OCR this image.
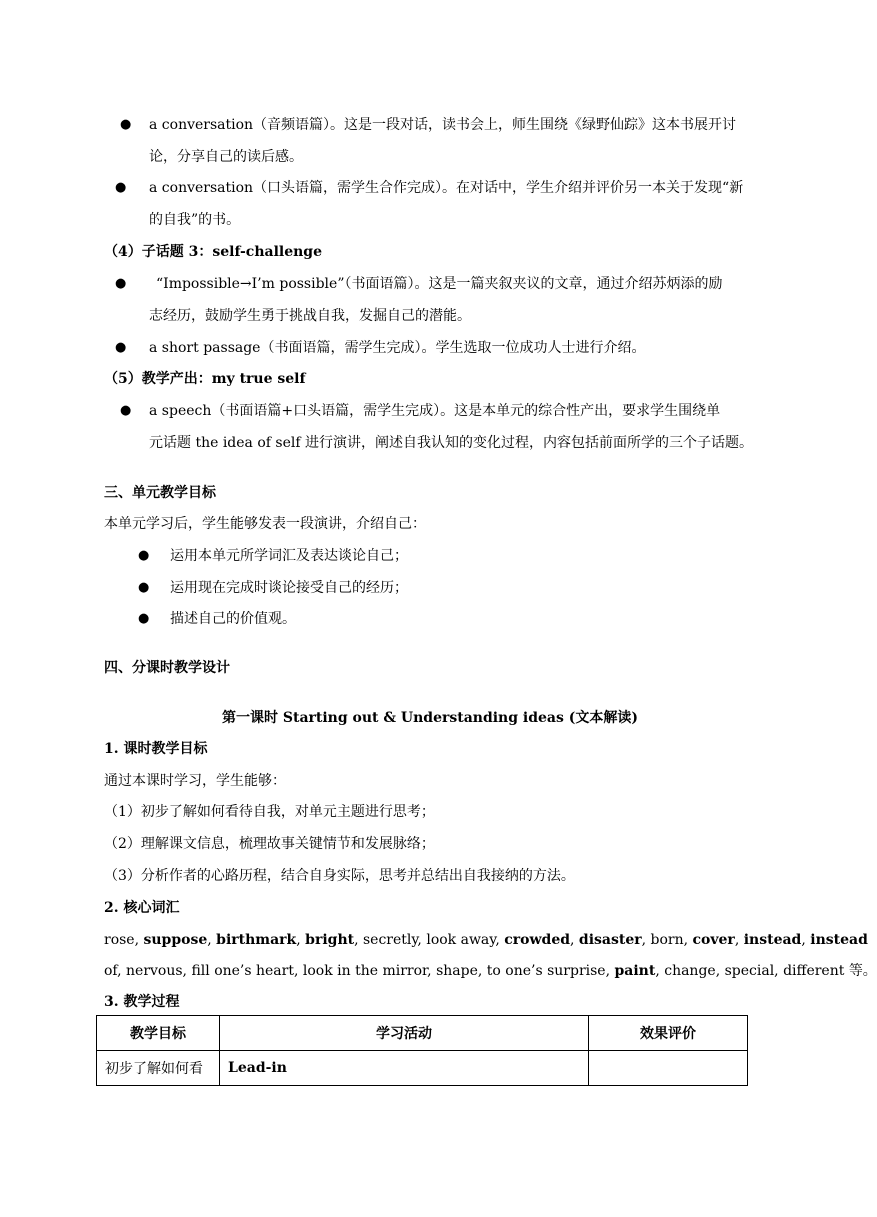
● a conversation（音频语篇）。这是一段对话，读书会上，师生围绕《绿野仙踪》这本书展开讨
论，分享自己的读后感。
● a conversation（口头语篇，需学生合作完成）。在对话中，学生介绍并评价另一本关于发现“新
的自我”的书。
（4）子话题 3：self-challenge
● “Impossible→I’m possible”（书面语篇）。这是一篇夹叙夹议的文章，通过介绍苏炳添的励
志经历，鼓励学生勇于挑战自我，发掘自己的潜能。
● a short passage（书面语篇，需学生完成）。学生选取一位成功人士进行介绍。
（5）教学产出：my true self
● a speech（书面语篇+口头语篇，需学生完成）。这是本单元的综合性产出，要求学生围绕单
元话题 the idea of self 进行演讲，阐述自我认知的变化过程，内容包括前面所学的三个子话题。
三、单元教学目标
本单元学习后，学生能够发表一段演讲，介绍自己：
● 运用本单元所学词汇及表达谈论自己；
● 运用现在完成时谈论接受自己的经历；
● 描述自己的价值观。
四、分课时教学设计
第一课时 Starting out & Understanding ideas (文本解读)
1. 课时教学目标
通过本课时学习，学生能够：
（1）初步了解如何看待自我，对单元主题进行思考；
（2）理解课文信息，梳理故事关键情节和发展脉络；
（3）分析作者的心路历程，结合自身实际，思考并总结出自我接纳的方法。
2. 核心词汇
rose, suppose, birthmark, bright, secretly, look away, crowded, disaster, born, cover, instead, instead
of, nervous, fill one’s heart, look in the mirror, shape, to one’s surprise, paint, change, special, different 等。
3. 教学过程
教学目标	学习活动	效果评价
初步了解如何看	Lead-in	
